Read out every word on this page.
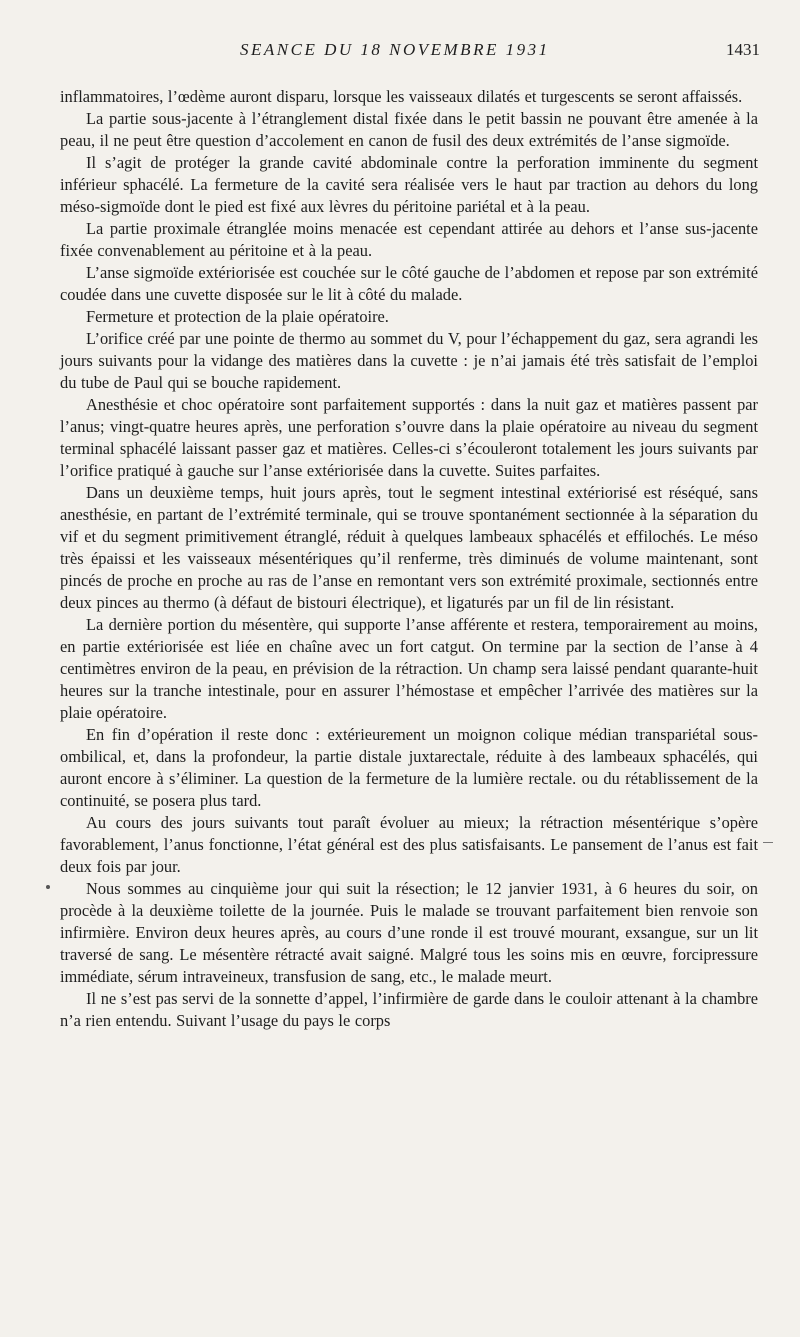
SEANCE DU 18 NOVEMBRE 1931	1431

inflammatoires, l’œdème auront disparu, lorsque les vaisseaux dilatés et turgescents se seront affaissés.

La partie sous-jacente à l’étranglement distal fixée dans le petit bassin ne pouvant être amenée à la peau, il ne peut être question d’accolement en canon de fusil des deux extrémités de l’anse sigmoïde.

Il s’agit de protéger la grande cavité abdominale contre la perforation imminente du segment inférieur sphacélé. La fermeture de la cavité sera réalisée vers le haut par traction au dehors du long méso-sigmoïde dont le pied est fixé aux lèvres du péritoine pariétal et à la peau.

La partie proximale étranglée moins menacée est cependant attirée au dehors et l’anse sus-jacente fixée convenablement au péritoine et à la peau.

L’anse sigmoïde extériorisée est couchée sur le côté gauche de l’abdomen et repose par son extrémité coudée dans une cuvette disposée sur le lit à côté du malade.

Fermeture et protection de la plaie opératoire.

L’orifice créé par une pointe de thermo au sommet du V, pour l’échappement du gaz, sera agrandi les jours suivants pour la vidange des matières dans la cuvette : je n’ai jamais été très satisfait de l’emploi du tube de Paul qui se bouche rapidement.

Anesthésie et choc opératoire sont parfaitement supportés : dans la nuit gaz et matières passent par l’anus; vingt-quatre heures après, une perforation s’ouvre dans la plaie opératoire au niveau du segment terminal sphacélé laissant passer gaz et matières. Celles-ci s’écouleront totalement les jours suivants par l’orifice pratiqué à gauche sur l’anse extériorisée dans la cuvette. Suites parfaites.

Dans un deuxième temps, huit jours après, tout le segment intestinal extériorisé est réséqué, sans anesthésie, en partant de l’extrémité terminale, qui se trouve spontanément sectionnée à la séparation du vif et du segment primitivement étranglé, réduit à quelques lambeaux sphacélés et effilochés. Le méso très épaissi et les vaisseaux mésentériques qu’il renferme, très diminués de volume maintenant, sont pincés de proche en proche au ras de l’anse en remontant vers son extrémité proximale, sectionnés entre deux pinces au thermo (à défaut de bistouri électrique), et ligaturés par un fil de lin résistant.

La dernière portion du mésentère, qui supporte l’anse afférente et restera, temporairement au moins, en partie extériorisée est liée en chaîne avec un fort catgut. On termine par la section de l’anse à 4 centimètres environ de la peau, en prévision de la rétraction. Un champ sera laissé pendant quarante-huit heures sur la tranche intestinale, pour en assurer l’hémostase et empêcher l’arrivée des matières sur la plaie opératoire.

En fin d’opération il reste donc : extérieurement un moignon colique médian transpariétal sous-ombilical, et, dans la profondeur, la partie distale juxtarectale, réduite à des lambeaux sphacélés, qui auront encore à s’éliminer. La question de la fermeture de la lumière rectale. ou du rétablissement de la continuité, se posera plus tard.

Au cours des jours suivants tout paraît évoluer au mieux; la rétraction mésentérique s’opère favorablement, l’anus fonctionne, l’état général est des plus satisfaisants. Le pansement de l’anus est fait deux fois par jour.

Nous sommes au cinquième jour qui suit la résection; le 12 janvier 1931, à 6 heures du soir, on procède à la deuxième toilette de la journée. Puis le malade se trouvant parfaitement bien renvoie son infirmière. Environ deux heures après, au cours d’une ronde il est trouvé mourant, exsangue, sur un lit traversé de sang. Le mésentère rétracté avait saigné. Malgré tous les soins mis en œuvre, forcipressure immédiate, sérum intraveineux, transfusion de sang, etc., le malade meurt.

Il ne s’est pas servi de la sonnette d’appel, l’infirmière de garde dans le couloir attenant à la chambre n’a rien entendu. Suivant l’usage du pays le corps
